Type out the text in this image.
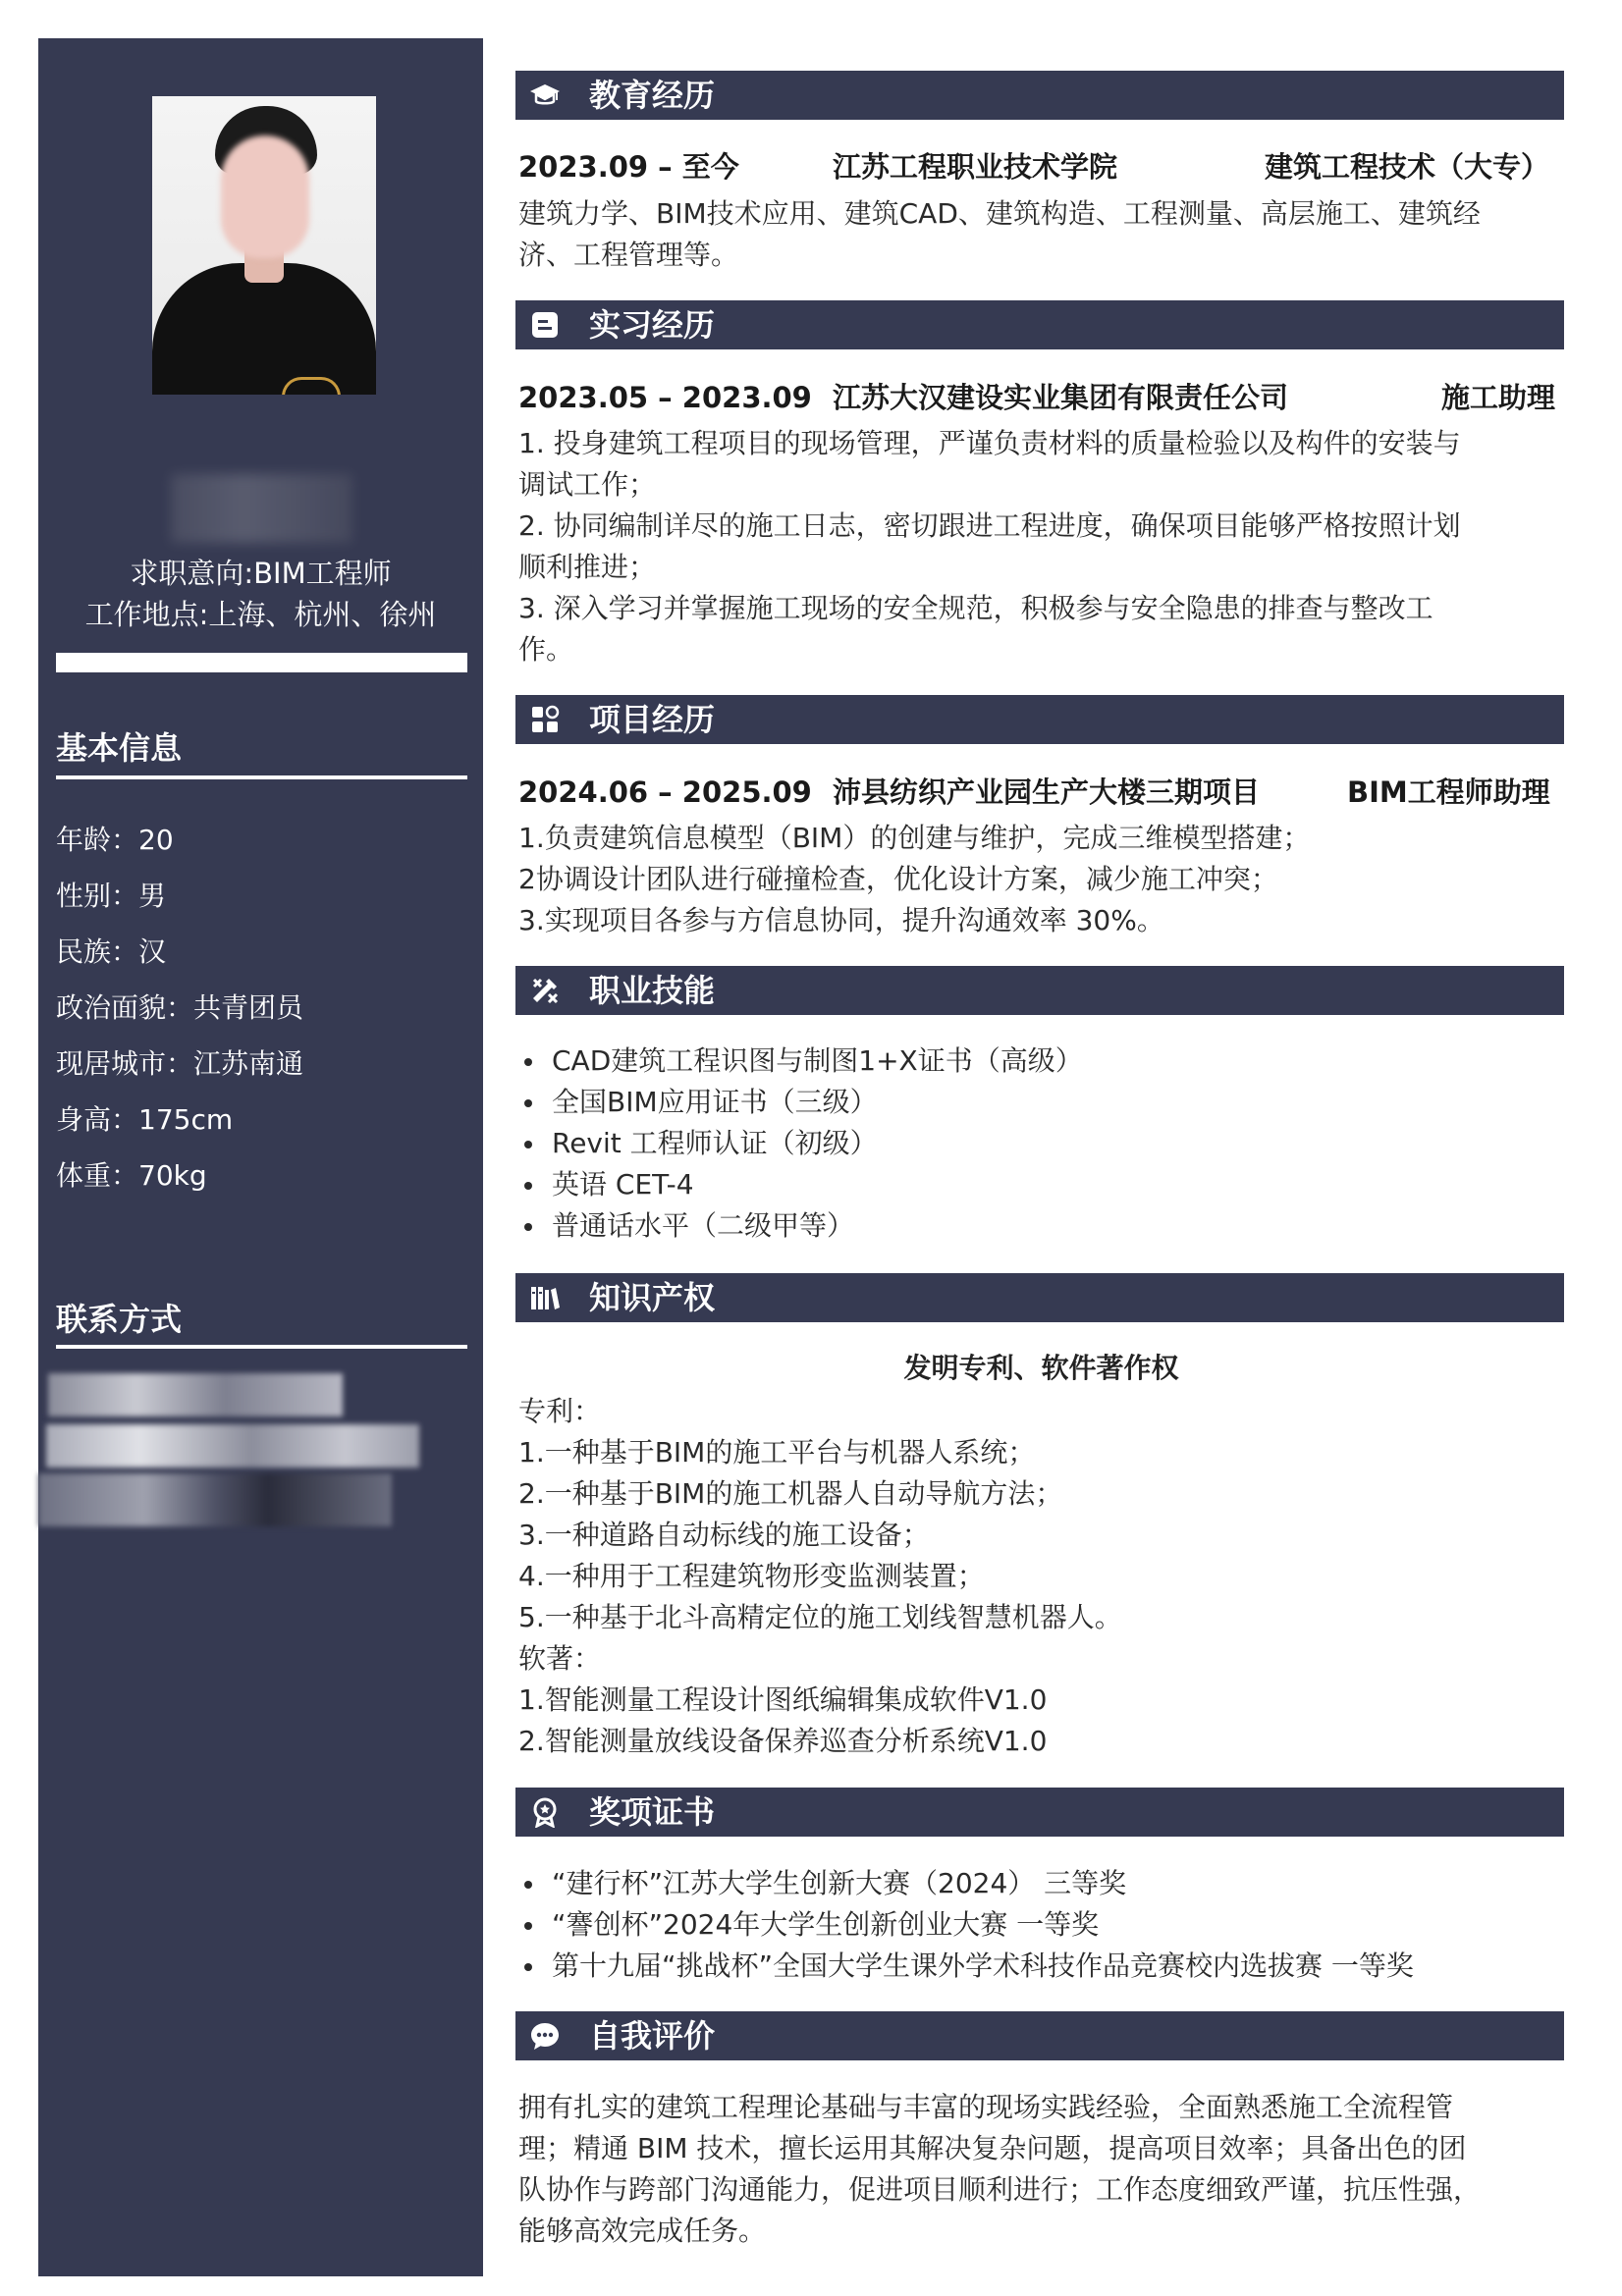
求职意向:BIM工程师
工作地点:上海、杭州、徐州
基本信息
年龄：20
性别：男
民族：汉
政治面貌：共青团员
现居城市：江苏南通
身高：175cm
体重：70kg
联系方式
教育经历
2023.09 – 至今	江苏工程职业技术学院	建筑工程技术（大专）
建筑力学、BIM技术应用、建筑CAD、建筑构造、工程测量、高层施工、建筑经
济、工程管理等。
实习经历
2023.05 – 2023.09 江苏大汉建设实业集团有限责任公司	施工助理
1. 投身建筑工程项目的现场管理，严谨负责材料的质量检验以及构件的安装与
调试工作；
2. 协同编制详尽的施工日志，密切跟进工程进度，确保项目能够严格按照计划
顺利推进；
3. 深入学习并掌握施工现场的安全规范，积极参与安全隐患的排查与整改工
作。
项目经历
2024.06 – 2025.09 沛县纺织产业园生产大楼三期项目	BIM工程师助理
1.负责建筑信息模型（BIM）的创建与维护，完成三维模型搭建；
2协调设计团队进行碰撞检查，优化设计方案，减少施工冲突；
3.实现项目各参与方信息协同，提升沟通效率 30%。
职业技能
CAD建筑工程识图与制图1+X证书（高级）
全国BIM应用证书（三级）
Revit 工程师认证（初级）
英语 CET-4
普通话水平（二级甲等）
知识产权
发明专利、软件著作权
专利：
1.一种基于BIM的施工平台与机器人系统；
2.一种基于BIM的施工机器人自动导航方法；
3.一种道路自动标线的施工设备；
4.一种用于工程建筑物形变监测装置；
5.一种基于北斗高精定位的施工划线智慧机器人。
软著：
1.智能测量工程设计图纸编辑集成软件V1.0
2.智能测量放线设备保养巡查分析系统V1.0
奖项证书
“建行杯”江苏大学生创新大赛（2024） 三等奖
“謇创杯”2024年大学生创新创业大赛 一等奖
第十九届“挑战杯”全国大学生课外学术科技作品竞赛校内选拔赛 一等奖
自我评价
拥有扎实的建筑工程理论基础与丰富的现场实践经验，全面熟悉施工全流程管
理；精通 BIM 技术，擅长运用其解决复杂问题，提高项目效率；具备出色的团
队协作与跨部门沟通能力，促进项目顺利进行；工作态度细致严谨，抗压性强，
能够高效完成任务。
